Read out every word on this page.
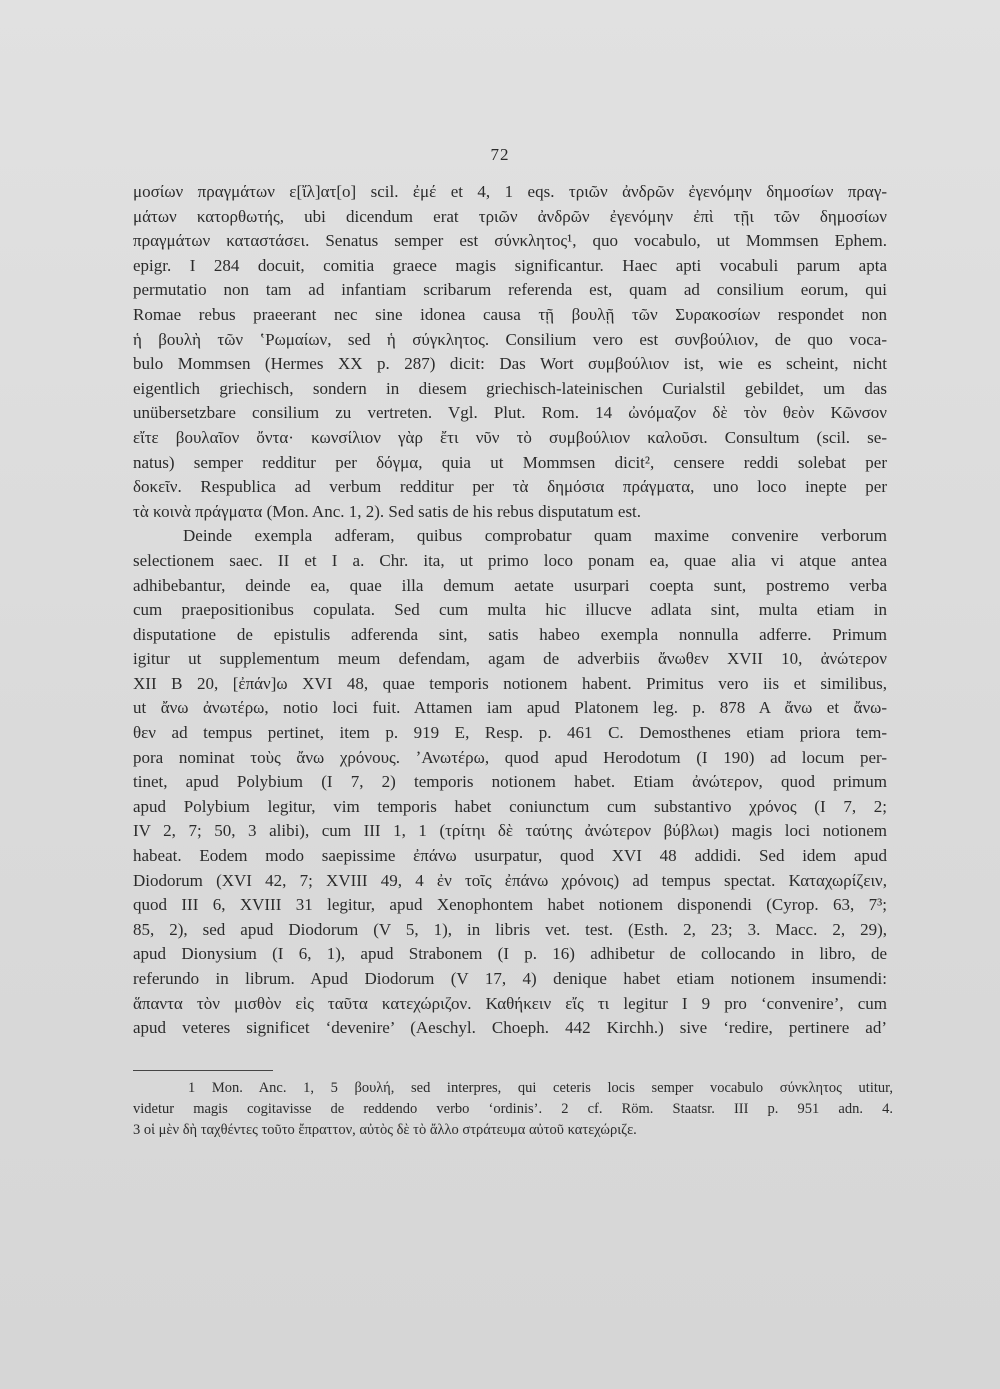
72
μοσίων πραγμάτων ε[ἴλ]ατ[ο] scil. ἐμέ et 4, 1 eqs. τριῶν ἀνδρῶν ἐγενόμην δημοσίων πραγ-
μάτων κατορθωτής, ubi dicendum erat τριῶν ἀνδρῶν ἐγενόμην ἐπὶ τῇι τῶν δημοσίων
πραγμάτων καταστάσει. Senatus semper est σύνκλητος¹, quo vocabulo, ut Mommsen Ephem.
epigr. I 284 docuit, comitia graece magis significantur. Haec apti vocabuli parum apta
permutatio non tam ad infantiam scribarum referenda est, quam ad consilium eorum, qui
Romae rebus praeerant nec sine idonea causa τῇ βουλῇ τῶν Συρακοσίων respondet non
ἡ βουλὴ τῶν ʽΡωμαίων, sed ἡ σύγκλητος. Consilium vero est συνβούλιον, de quo voca-
bulo Mommsen (Hermes XX p. 287) dicit: Das Wort συμβούλιον ist, wie es scheint, nicht
eigentlich griechisch, sondern in diesem griechisch-lateinischen Curialstil gebildet, um das
unübersetzbare consilium zu vertreten. Vgl. Plut. Rom. 14 ὠνόμαζον δὲ τὸν θεὸν Κῶνσον
εἴτε βουλαῖον ὄντα· κωνσίλιον γὰρ ἔτι νῦν τὸ συμβούλιον καλοῦσι. Consultum (scil. se-
natus) semper redditur per δόγμα, quia ut Mommsen dicit², censere reddi solebat per
δοκεῖν. Respublica ad verbum redditur per τὰ δημόσια πράγματα, uno loco inepte per
τὰ κοινὰ πράγματα (Mon. Anc. 1, 2). Sed satis de his rebus disputatum est.
Deinde exempla adferam, quibus comprobatur quam maxime convenire verborum
selectionem saec. II et I a. Chr. ita, ut primo loco ponam ea, quae alia vi atque antea
adhibebantur, deinde ea, quae illa demum aetate usurpari coepta sunt, postremo verba
cum praepositionibus copulata. Sed cum multa hic illucve adlata sint, multa etiam in
disputatione de epistulis adferenda sint, satis habeo exempla nonnulla adferre. Primum
igitur ut supplementum meum defendam, agam de adverbiis ἄνωθεν XVII 10, ἀνώτερον
XII B 20, [ἐπάν]ω XVI 48, quae temporis notionem habent. Primitus vero iis et similibus,
ut ἄνω ἀνωτέρω, notio loci fuit. Attamen iam apud Platonem leg. p. 878 A ἄνω et ἄνω-
θεν ad tempus pertinet, item p. 919 E, Resp. p. 461 C. Demosthenes etiam priora tem-
pora nominat τοὺς ἄνω χρόνους. ʼΑνωτέρω, quod apud Herodotum (I 190) ad locum per-
tinet, apud Polybium (I 7, 2) temporis notionem habet. Etiam ἀνώτερον, quod primum
apud Polybium legitur, vim temporis habet coniunctum cum substantivo χρόνος (I 7, 2;
IV 2, 7; 50, 3 alibi), cum III 1, 1 (τρίτηι δὲ ταύτης ἀνώτερον βύβλωι) magis loci notionem
habeat. Eodem modo saepissime ἐπάνω usurpatur, quod XVI 48 addidi. Sed idem apud
Diodorum (XVI 42, 7; XVIII 49, 4 ἐν τοῖς ἐπάνω χρόνοις) ad tempus spectat. Καταχωρίζειν,
quod III 6, XVIII 31 legitur, apud Xenophontem habet notionem disponendi (Cyrop. 63, 7³;
85, 2), sed apud Diodorum (V 5, 1), in libris vet. test. (Esth. 2, 23; 3. Macc. 2, 29),
apud Dionysium (I 6, 1), apud Strabonem (I p. 16) adhibetur de collocando in libro, de
referundo in librum. Apud Diodorum (V 17, 4) denique habet etiam notionem insumendi:
ἅπαντα τὸν μισθὸν εἰς ταῦτα κατεχώριζον. Καθήκειν εἴς τι legitur I 9 pro ‘convenire’, cum
apud veteres significet ‘devenire’ (Aeschyl. Choeph. 442 Kirchh.) sive ‘redire, pertinere ad’
1 Mon. Anc. 1, 5 βουλή, sed interpres, qui ceteris locis semper vocabulo σύνκλητος utitur,
videtur magis cogitavisse de reddendo verbo ‘ordinis’. 2 cf. Röm. Staatsr. III p. 951 adn. 4.
3 οἱ μὲν δὴ ταχθέντες τοῦτο ἔπραττον, αὐτὸς δὲ τὸ ἄλλο στράτευμα αὐτοῦ κατεχώριζε.
